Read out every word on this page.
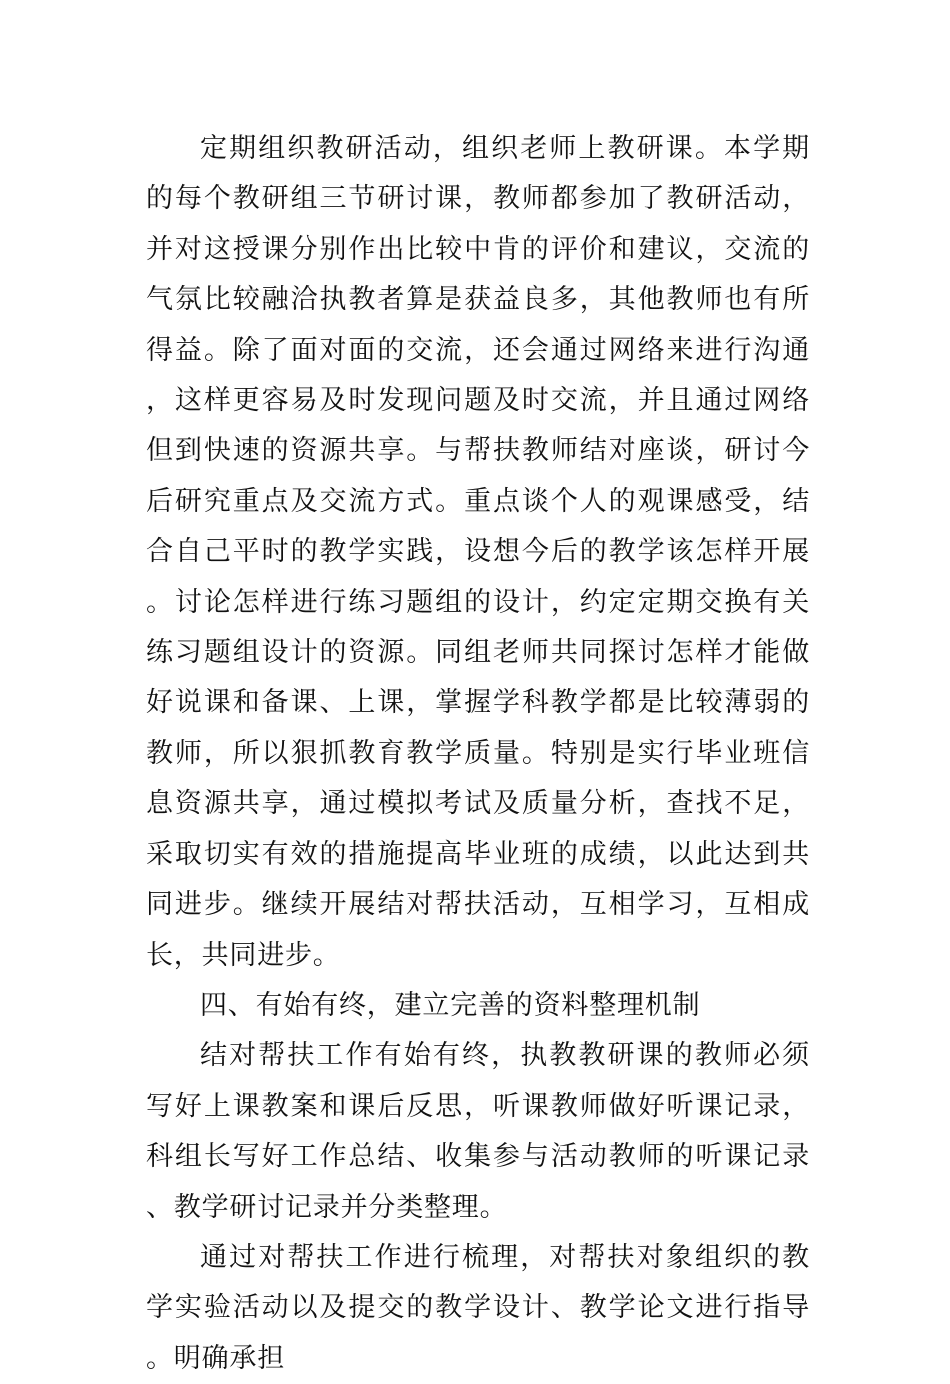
定期组织教研活动，组织老师上教研课。本学期的每个教研组三节研讨课，教师都参加了教研活动，并对这授课分别作出比较中肯的评价和建议，交流的气氛比较融洽执教者算是获益良多，其他教师也有所得益。除了面对面的交流，还会通过网络来进行沟通，这样更容易及时发现问题及时交流，并且通过网络但到快速的资源共享。与帮扶教师结对座谈，研讨今后研究重点及交流方式。重点谈个人的观课感受，结合自己平时的教学实践，设想今后的教学该怎样开展。讨论怎样进行练习题组的设计，约定定期交换有关练习题组设计的资源。同组老师共同探讨怎样才能做好说课和备课、上课，掌握学科教学都是比较薄弱的教师，所以狠抓教育教学质量。特别是实行毕业班信息资源共享，通过模拟考试及质量分析，查找不足，采取切实有效的措施提高毕业班的成绩，以此达到共同进步。继续开展结对帮扶活动，互相学习，互相成长，共同进步。

四、有始有终，建立完善的资料整理机制

结对帮扶工作有始有终，执教教研课的教师必须写好上课教案和课后反思，听课教师做好听课记录，科组长写好工作总结、收集参与活动教师的听课记录、教学研讨记录并分类整理。

通过对帮扶工作进行梳理，对帮扶对象组织的教学实验活动以及提交的教学设计、教学论文进行指导。明确承担
